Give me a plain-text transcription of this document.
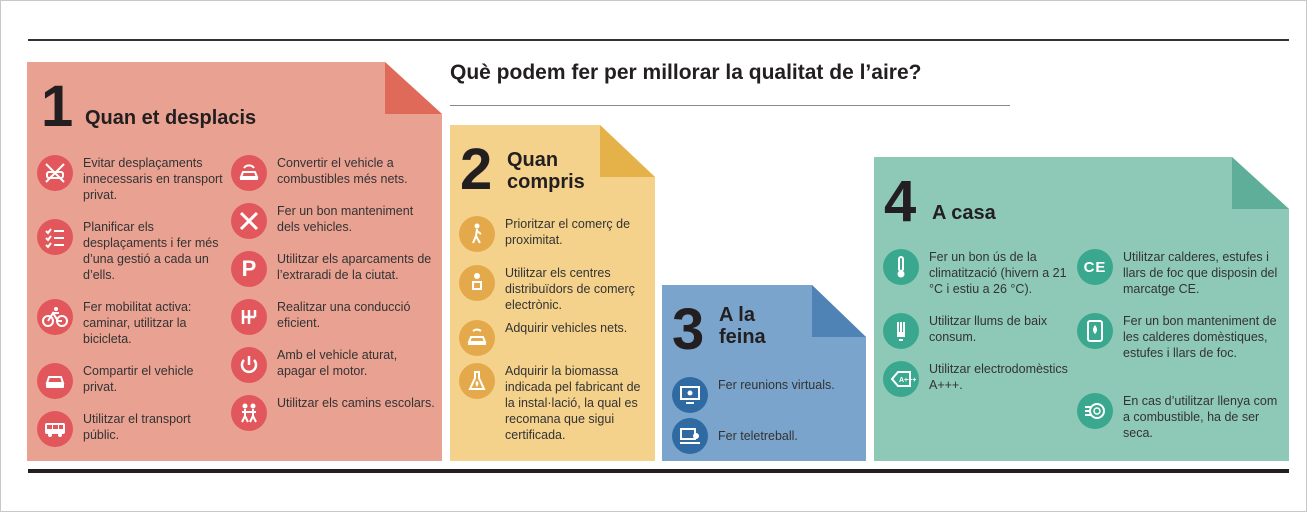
Què podem fer per millorar la qualitat de l’aire?
1 Quan et desplacis
Evitar desplaçaments innecessaris en transport privat.
Planificar els desplaçaments i fer més d’una gestió a cada un d’ells.
Fer mobilitat activa: caminar, utilitzar la bicicleta.
Compartir el vehicle privat.
Utilitzar el transport públic.
Convertir el vehicle a combustibles més nets.
Fer un bon manteniment dels vehicles.
P Utilitzar els aparcaments de l’extraradi de la ciutat.
Realitzar una conducció eficient.
Amb el vehicle aturat, apagar el motor.
Utilitzar els camins escolars.
2 Quan compris
Prioritzar el comerç de proximitat.
Utilitzar els centres distribuïdors de comerç electrònic.
Adquirir vehicles nets.
Adquirir la biomassa indicada pel fabricant de la instal·lació, la qual es recomana que sigui certificada.
3 A la feina
Fer reunions virtuals.
Fer teletreball.
4 A casa
Fer un bon ús de la climatització (hivern a 21 °C i estiu a 26 °C).
Utilitzar llums de baix consum.
A+++
Utilitzar electrodomèstics A+++.
CE
Utilitzar calderes, estufes i llars de foc que disposin del marcatge CE.
Fer un bon manteniment de les calderes domèstiques, estufes i llars de foc.
En cas d’utilitzar llenya com a combustible, ha de ser seca.
